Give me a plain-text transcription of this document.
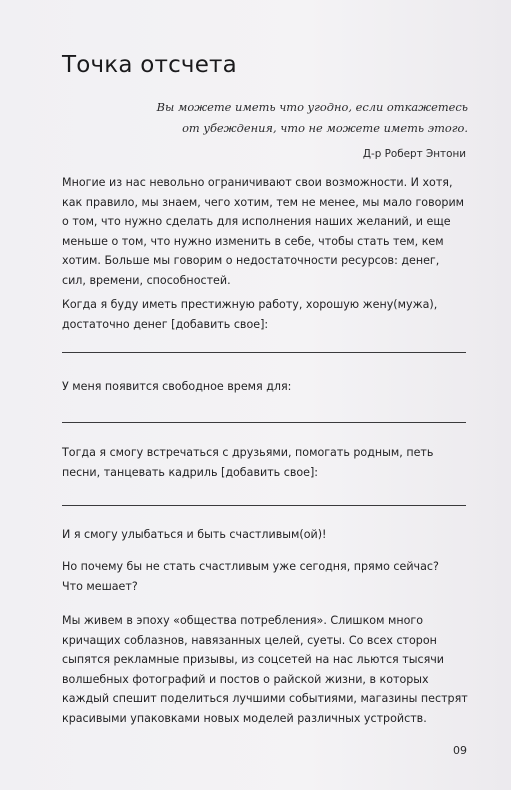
Точка отсчета
Вы можете иметь что угодно, если откажетесь
от убеждения, что не можете иметь этого.
Д-р Роберт Энтони
Многие из нас невольно ограничивают свои возможности. И хотя,
как правило, мы знаем, чего хотим, тем не менее, мы мало говорим
о том, что нужно сделать для исполнения наших желаний, и еще
меньше о том, что нужно изменить в себе, чтобы стать тем, кем
хотим. Больше мы говорим о недостаточности ресурсов: денег,
сил, времени, способностей.
Когда я буду иметь престижную работу, хорошую жену(мужа),
достаточно денег [добавить свое]:
У меня появится свободное время для:
Тогда я смогу встречаться с друзьями, помогать родным, петь
песни, танцевать кадриль [добавить свое]:
И я смогу улыбаться и быть счастливым(ой)!
Но почему бы не стать счастливым уже сегодня, прямо сейчас?
Что мешает?
Мы живем в эпоху «общества потребления». Слишком много
кричащих соблазнов, навязанных целей, суеты. Со всех сторон
сыпятся рекламные призывы, из соцсетей на нас льются тысячи
волшебных фотографий и постов о райской жизни, в которых
каждый спешит поделиться лучшими событиями, магазины пестрят
красивыми упаковками новых моделей различных устройств.
09
